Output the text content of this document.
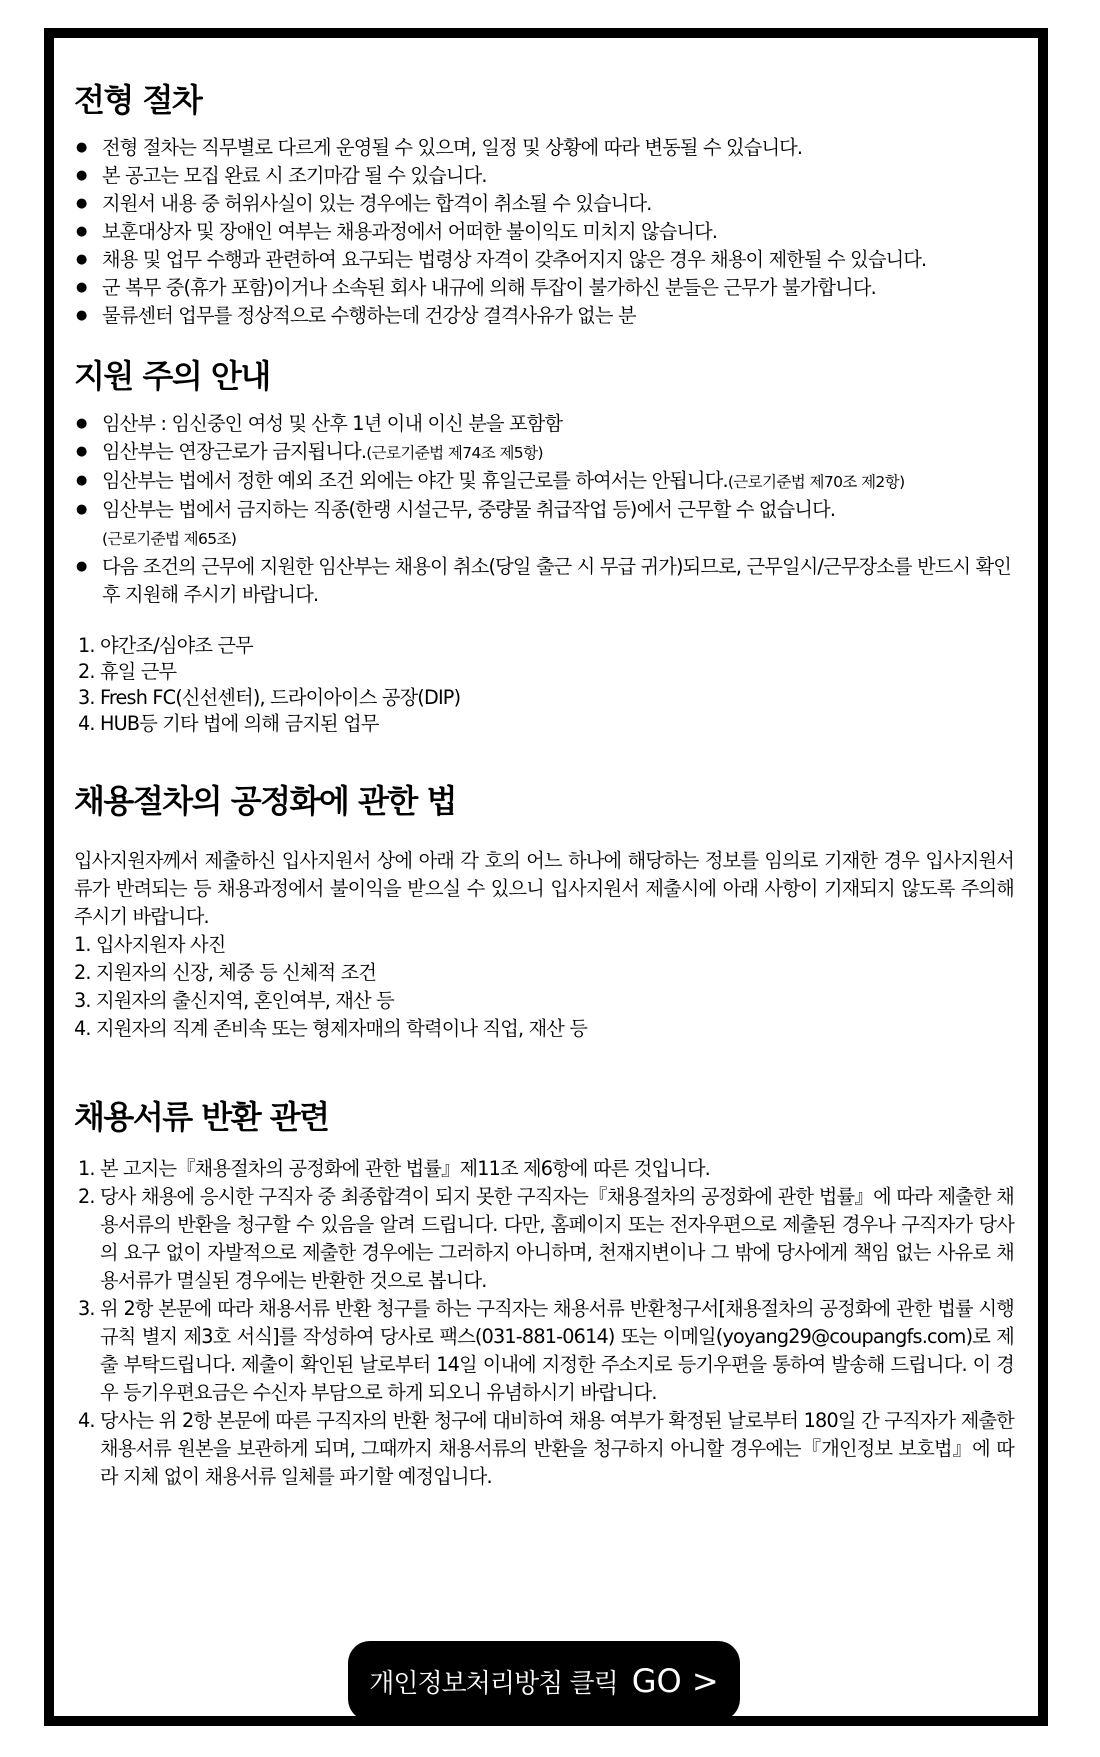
전형 절차
● 전형 절차는 직무별로 다르게 운영될 수 있으며, 일정 및 상황에 따라 변동될 수 있습니다.
● 본 공고는 모집 완료 시 조기마감 될 수 있습니다.
● 지원서 내용 중 허위사실이 있는 경우에는 합격이 취소될 수 있습니다.
● 보훈대상자 및 장애인 여부는 채용과정에서 어떠한 불이익도 미치지 않습니다.
● 채용 및 업무 수행과 관련하여 요구되는 법령상 자격이 갖추어지지 않은 경우 채용이 제한될 수 있습니다.
● 군 복무 중(휴가 포함)이거나 소속된 회사 내규에 의해 투잡이 불가하신 분들은 근무가 불가합니다.
● 물류센터 업무를 정상적으로 수행하는데 건강상 결격사유가 없는 분
지원 주의 안내
● 임산부 : 임신중인 여성 및 산후 1년 이내 이신 분을 포함함
● 임산부는 연장근로가 금지됩니다.(근로기준법 제74조 제5항)
● 임산부는 법에서 정한 예외 조건 외에는 야간 및 휴일근로를 하여서는 안됩니다.(근로기준법 제70조 제2항)
● 임산부는 법에서 금지하는 직종(한랭 시설근무, 중량물 취급작업 등)에서 근무할 수 없습니다.
(근로기준법 제65조)
● 다음 조건의 근무에 지원한 임산부는 채용이 취소(당일 출근 시 무급 귀가)되므로, 근무일시/근무장소를 반드시 확인 후 지원해 주시기 바랍니다.
1. 야간조/심야조 근무
2. 휴일 근무
3. Fresh FC(신선센터), 드라이아이스 공장(DIP)
4. HUB등 기타 법에 의해 금지된 업무
채용절차의 공정화에 관한 법

입사지원자께서 제출하신 입사지원서 상에 아래 각 호의 어느 하나에 해당하는 정보를 임의로 기재한 경우 입사지원서류가 반려되는 등 채용과정에서 불이익을 받으실 수 있으니 입사지원서 제출시에 아래 사항이 기재되지 않도록 주의해주시기 바랍니다.

1. 입사지원자 사진
2. 지원자의 신장, 체중 등 신체적 조건
3. 지원자의 출신지역, 혼인여부, 재산 등
4. 지원자의 직계 존비속 또는 형제자매의 학력이나 직업, 재산 등
채용서류 반환 관련
1. 본 고지는『채용절차의 공정화에 관한 법률』제11조 제6항에 따른 것입니다.
2. 당사 채용에 응시한 구직자 중 최종합격이 되지 못한 구직자는『채용절차의 공정화에 관한 법률』에 따라 제출한 채용서류의 반환을 청구할 수 있음을 알려 드립니다. 다만, 홈페이지 또는 전자우편으로 제출된 경우나 구직자가 당사의 요구 없이 자발적으로 제출한 경우에는 그러하지 아니하며, 천재지변이나 그 밖에 당사에게 책임 없는 사유로 채용서류가 멸실된 경우에는 반환한 것으로 봅니다.
3. 위 2항 본문에 따라 채용서류 반환 청구를 하는 구직자는 채용서류 반환청구서[채용절차의 공정화에 관한 법률 시행규칙 별지 제3호 서식]를 작성하여 당사로 팩스(031-881-0614) 또는 이메일(yoyang29@coupangfs.com)로 제출 부탁드립니다. 제출이 확인된 날로부터 14일 이내에 지정한 주소지로 등기우편을 통하여 발송해 드립니다. 이 경우 등기우편요금은 수신자 부담으로 하게 되오니 유념하시기 바랍니다.
4. 당사는 위 2항 본문에 따른 구직자의 반환 청구에 대비하여 채용 여부가 확정된 날로부터 180일 간 구직자가 제출한 채용서류 원본을 보관하게 되며, 그때까지 채용서류의 반환을 청구하지 아니할 경우에는『개인정보 보호법』에 따라 지체 없이 채용서류 일체를 파기할 예정입니다.
개인정보처리방침 클릭 GO >
